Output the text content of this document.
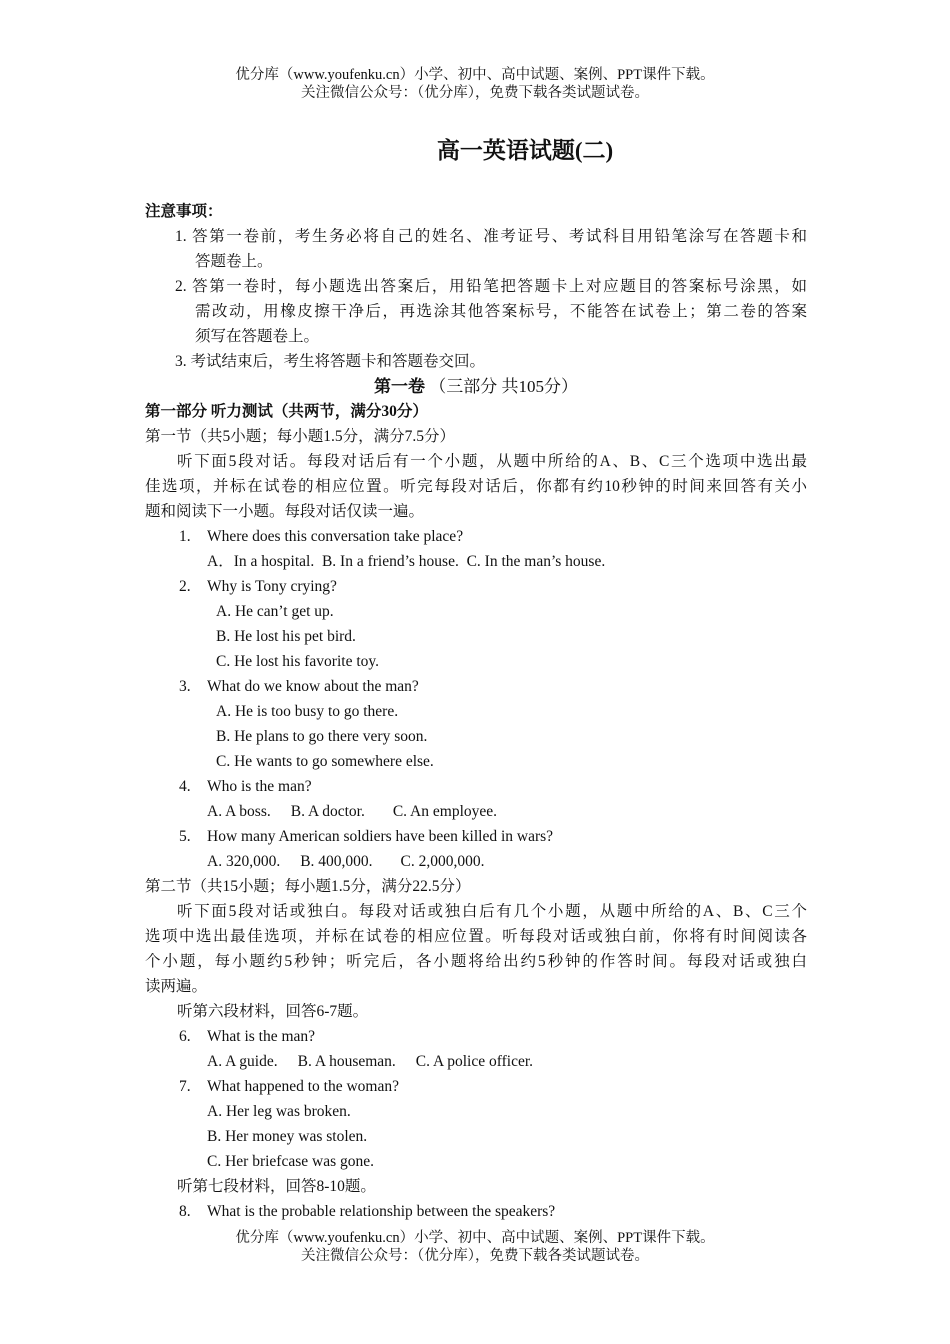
优分库（www.youfenku.cn）小学、初中、高中试题、案例、PPT课件下载。
关注微信公众号：（优分库），免费下载各类试题试卷。
高一英语试题(二)
注意事项：
1. 答第一卷前，考生务必将自己的姓名、准考证号、考试科目用铅笔涂写在答题卡和
答题卷上。
2. 答第一卷时，每小题选出答案后，用铅笔把答题卡上对应题目的答案标号涂黑，如
需改动，用橡皮擦干净后，再选涂其他答案标号，不能答在试卷上；第二卷的答案
须写在答题卷上。
3. 考试结束后，考生将答题卡和答题卷交回。
第一卷 （三部分 共105分）
第一部分 听力测试（共两节，满分30分）
第一节（共5小题；每小题1.5分，满分7.5分）
听下面5段对话。每段对话后有一个小题，从题中所给的A、B、C三个选项中选出最
佳选项，并标在试卷的相应位置。听完每段对话后，你都有约10秒钟的时间来回答有关小
题和阅读下一小题。每段对话仅读一遍。
1. Where does this conversation take place?
A．In a hospital. B. In a friend’s house. C. In the man’s house.
2. Why is Tony crying?
A. He can’t get up.
B. He lost his pet bird.
C. He lost his favorite toy.
3. What do we know about the man?
A. He is too busy to go there.
B. He plans to go there very soon.
C. He wants to go somewhere else.
4. Who is the man?
A. A boss. B. A doctor. C. An employee.
5. How many American soldiers have been killed in wars?
A. 320,000. B. 400,000. C. 2,000,000.
第二节（共15小题；每小题1.5分，满分22.5分）
听下面5段对话或独白。每段对话或独白后有几个小题，从题中所给的A、B、C三个
选项中选出最佳选项，并标在试卷的相应位置。听每段对话或独白前，你将有时间阅读各
个小题，每小题约5秒钟；听完后，各小题将给出约5秒钟的作答时间。每段对话或独白
读两遍。
听第六段材料，回答6-7题。
6. What is the man?
A. A guide. B. A houseman. C. A police officer.
7. What happened to the woman?
A. Her leg was broken.
B. Her money was stolen.
C. Her briefcase was gone.
听第七段材料，回答8-10题。
8. What is the probable relationship between the speakers?
优分库（www.youfenku.cn）小学、初中、高中试题、案例、PPT课件下载。
关注微信公众号：（优分库），免费下载各类试题试卷。
